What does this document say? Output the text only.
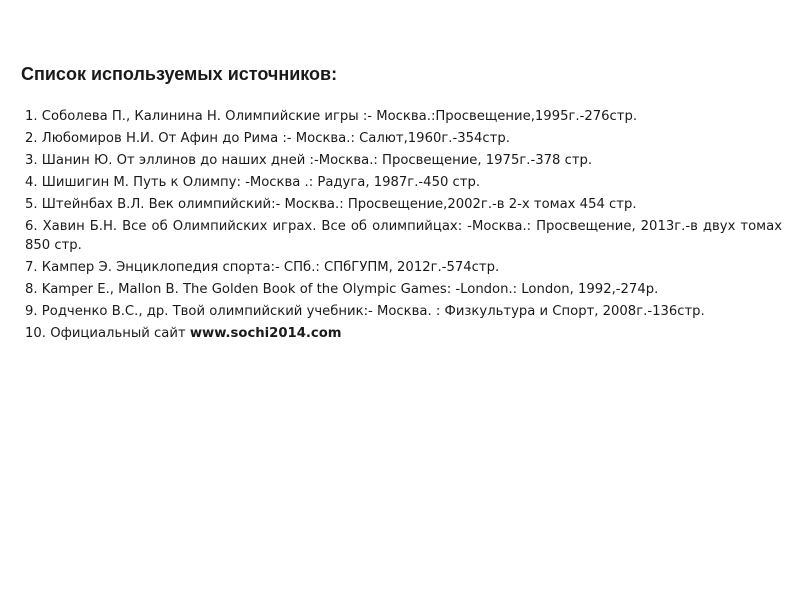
Список используемых источников:
1. Соболева П., Калинина Н. Олимпийские игры :- Москва.:Просвещение,1995г.-276стр.
2. Любомиров Н.И. От Афин до Рима :- Москва.: Салют,1960г.-354стр.
3. Шанин Ю. От эллинов до наших дней :-Москва.: Просвещение, 1975г.-378 стр.
4. Шишигин М. Путь к Олимпу: -Москва .: Радуга, 1987г.-450 стр.
5. Штейнбах В.Л. Век олимпийский:- Москва.: Просвещение,2002г.-в 2-х томах 454 стр.
6. Хавин Б.Н. Все об Олимпийских играх. Все об олимпийцах: -Москва.: Просвещение, 2013г.-в двух томах 850 стр.
7. Кампер Э. Энциклопедия спорта:- СПб.: СПбГУПМ, 2012г.-574стр.
8. Kamper E., Mallon B. The Golden Book of the Olympic Games: -London.: London, 1992,-274p.
9. Родченко В.С., др. Твой олимпийский учебник:- Москва. : Физкультура и Спорт, 2008г.-136стр.
10. Официальный сайт www.sochi2014.com
